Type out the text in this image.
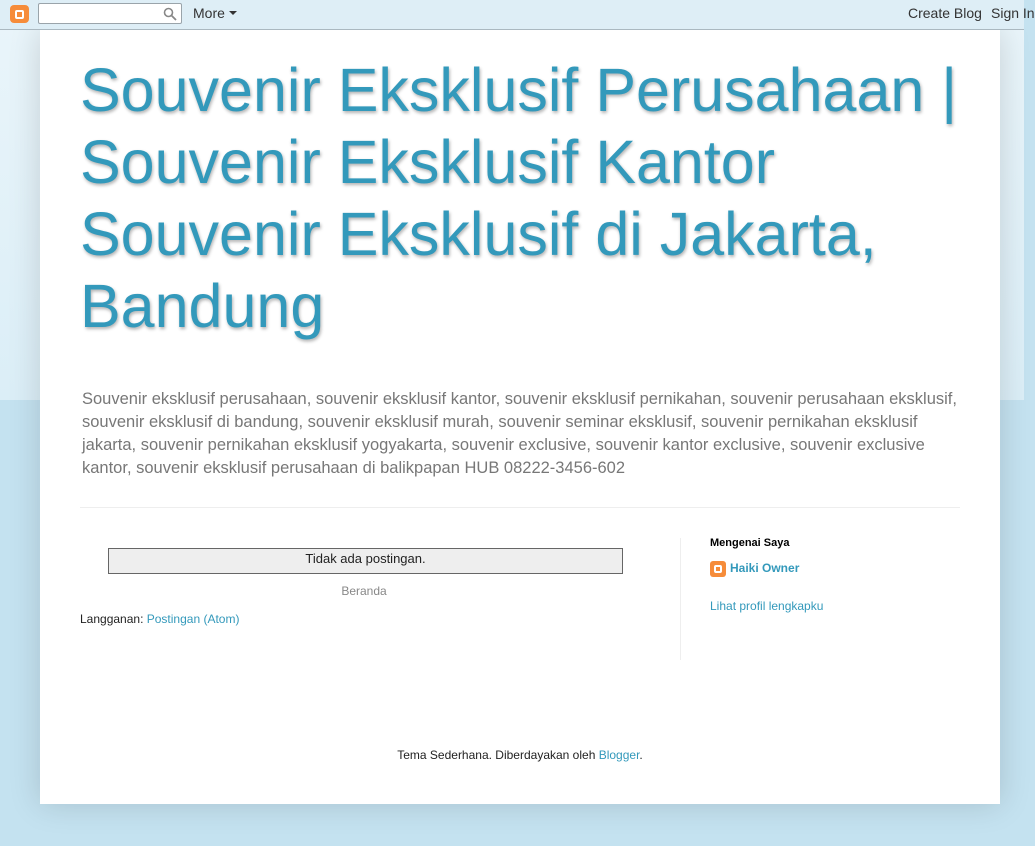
More	Create Blog Sign In
Souvenir Eksklusif Perusahaan | Souvenir Eksklusif Kantor Souvenir Eksklusif di Jakarta, Bandung
Souvenir eksklusif perusahaan, souvenir eksklusif kantor, souvenir eksklusif pernikahan, souvenir perusahaan eksklusif, souvenir eksklusif di bandung, souvenir eksklusif murah, souvenir seminar eksklusif, souvenir pernikahan eksklusif jakarta, souvenir pernikahan eksklusif yogyakarta, souvenir exclusive, souvenir kantor exclusive, souvenir exclusive kantor, souvenir eksklusif perusahaan di balikpapan HUB 08222-3456-602
Tidak ada postingan.
Beranda
Langganan: Postingan (Atom)
Mengenai Saya
Haiki Owner
Lihat profil lengkapku
Tema Sederhana. Diberdayakan oleh Blogger.
